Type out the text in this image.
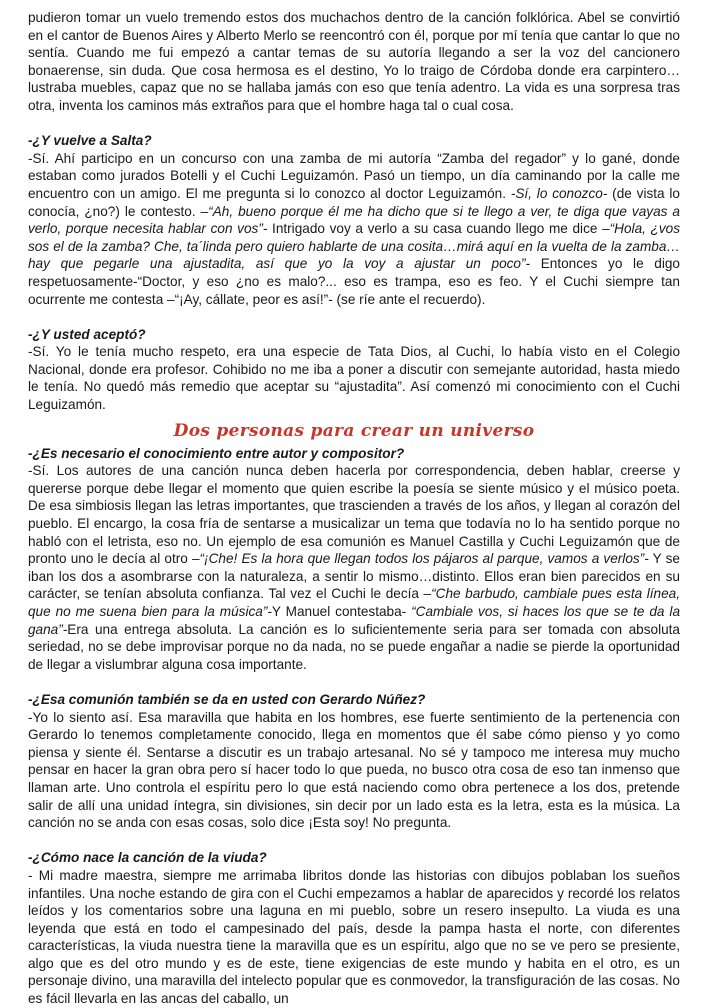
pudieron tomar un vuelo tremendo estos dos muchachos dentro de la canción folklórica. Abel se convirtió en el cantor de Buenos Aires y Alberto Merlo se reencontró con él, porque por mí tenía que cantar lo que no sentía. Cuando me fui empezó a cantar temas de su autoría llegando a ser la voz del cancionero bonaerense, sin duda. Que cosa hermosa es el destino, Yo lo traigo de Córdoba donde era carpintero… lustraba muebles, capaz que no se hallaba jamás con eso que tenía adentro. La vida es una sorpresa tras otra, inventa los caminos más extraños para que el hombre haga tal o cual cosa.

-¿Y vuelve a Salta?

-Sí. Ahí participo en un concurso con una zamba de mi autoría “Zamba del regador” y lo gané, donde estaban como jurados Botelli y el Cuchi Leguizamón. Pasó un tiempo, un día caminando por la calle me encuentro con un amigo. El me pregunta si lo conozco al doctor Leguizamón. -Sí, lo conozco- (de vista lo conocía, ¿no?) le contesto. –“Ah, bueno porque él me ha dicho que si te llego a ver, te diga que vayas a verlo, porque necesita hablar con vos”- Intrigado voy a verlo a su casa cuando llego me dice –“Hola, ¿vos sos el de la zamba? Che, ta´linda pero quiero hablarte de una cosita…mirá aquí en la vuelta de la zamba… hay que pegarle una ajustadita, así que yo la voy a ajustar un poco”- Entonces yo le digo respetuosamente-“Doctor, y eso ¿no es malo?... eso es trampa, eso es feo. Y el Cuchi siempre tan ocurrente me contesta –“¡Ay, cállate, peor es así!”- (se ríe ante el recuerdo).

-¿Y usted aceptó?

-Sí. Yo le tenía mucho respeto, era una especie de Tata Dios, al Cuchi, lo había visto en el Colegio Nacional, donde era profesor. Cohibido no me iba a poner a discutir con semejante autoridad, hasta miedo le tenía. No quedó más remedio que aceptar su “ajustadita”. Así comenzó mi conocimiento con el Cuchi Leguizamón.

Dos personas para crear un universo

-¿Es necesario el conocimiento entre autor y compositor?

-Sí. Los autores de una canción nunca deben hacerla por correspondencia, deben hablar, creerse y quererse porque debe llegar el momento que quien escribe la poesía se siente músico y el músico poeta. De esa simbiosis llegan las letras importantes, que trascienden a través de los años, y llegan al corazón del pueblo. El encargo, la cosa fría de sentarse a musicalizar un tema que todavía no lo ha sentido porque no habló con el letrista, eso no. Un ejemplo de esa comunión es Manuel Castilla y Cuchi Leguizamón que de pronto uno le decía al otro –“¡Che! Es la hora que llegan todos los pájaros al parque, vamos a verlos”- Y se iban los dos a asombrarse con la naturaleza, a sentir lo mismo…distinto. Ellos eran bien parecidos en su carácter, se tenían absoluta confianza. Tal vez el Cuchi le decía –“Che barbudo, cambiale pues esta línea, que no me suena bien para la música”-Y Manuel contestaba- “Cambiale vos, si haces los que se te da la gana”-Era una entrega absoluta. La canción es lo suficientemente seria para ser tomada con absoluta seriedad, no se debe improvisar porque no da nada, no se puede engañar a nadie se pierde la oportunidad de llegar a vislumbrar alguna cosa importante.

-¿Esa comunión también se da en usted con Gerardo Núñez?

-Yo lo siento así. Esa maravilla que habita en los hombres, ese fuerte sentimiento de la pertenencia con Gerardo lo tenemos completamente conocido, llega en momentos que él sabe cómo pienso y yo como piensa y siente él. Sentarse a discutir es un trabajo artesanal. No sé y tampoco me interesa muy mucho pensar en hacer la gran obra pero sí hacer todo lo que pueda, no busco otra cosa de eso tan inmenso que llaman arte. Uno controla el espíritu pero lo que está naciendo como obra pertenece a los dos, pretende salir de allí una unidad íntegra, sin divisiones, sin decir por un lado esta es la letra, esta es la música. La canción no se anda con esas cosas, solo dice ¡Esta soy! No pregunta.

-¿Cómo nace la canción de la viuda?

- Mi madre maestra, siempre me arrimaba libritos donde las historias con dibujos poblaban los sueños infantiles. Una noche estando de gira con el Cuchi empezamos a hablar de aparecidos y recordé los relatos leídos y los comentarios sobre una laguna en mi pueblo, sobre un resero insepulto. La viuda es una leyenda que está en todo el campesinado del país, desde la pampa hasta el norte, con diferentes características, la viuda nuestra tiene la maravilla que es un espíritu, algo que no se ve pero se presiente, algo que es del otro mundo y es de este, tiene exigencias de este mundo y habita en el otro, es un personaje divino, una maravilla del intelecto popular que es conmovedor, la transfiguración de las cosas. No es fácil llevarla en las ancas del caballo, un
